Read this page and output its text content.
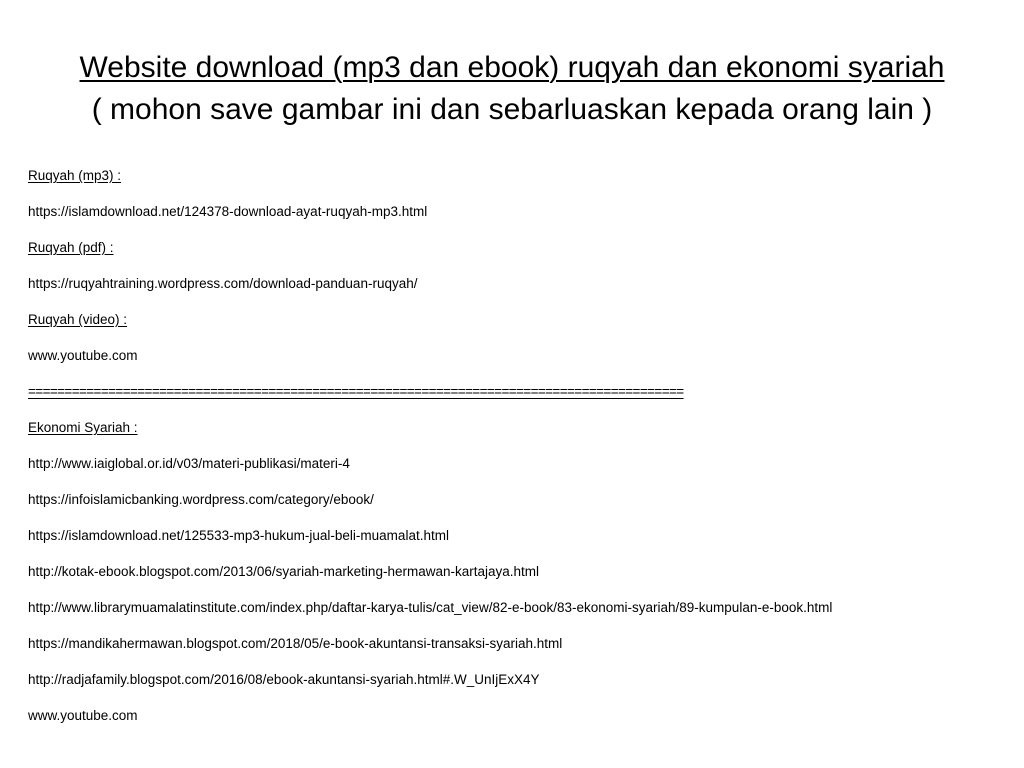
Website download (mp3 dan ebook) ruqyah dan ekonomi syariah
( mohon save gambar ini dan sebarluaskan kepada orang lain )
Ruqyah (mp3) :
https://islamdownload.net/124378-download-ayat-ruqyah-mp3.html
Ruqyah (pdf) :
https://ruqyahtraining.wordpress.com/download-panduan-ruqyah/
Ruqyah (video) :
www.youtube.com
==========================================================================================
Ekonomi Syariah :
http://www.iaiglobal.or.id/v03/materi-publikasi/materi-4
https://infoislamicbanking.wordpress.com/category/ebook/
https://islamdownload.net/125533-mp3-hukum-jual-beli-muamalat.html
http://kotak-ebook.blogspot.com/2013/06/syariah-marketing-hermawan-kartajaya.html
http://www.librarymuamalatinstitute.com/index.php/daftar-karya-tulis/cat_view/82-e-book/83-ekonomi-syariah/89-kumpulan-e-book.html
https://mandikahermawan.blogspot.com/2018/05/e-book-akuntansi-transaksi-syariah.html
http://radjafamily.blogspot.com/2016/08/ebook-akuntansi-syariah.html#.W_UnIjExX4Y
www.youtube.com
